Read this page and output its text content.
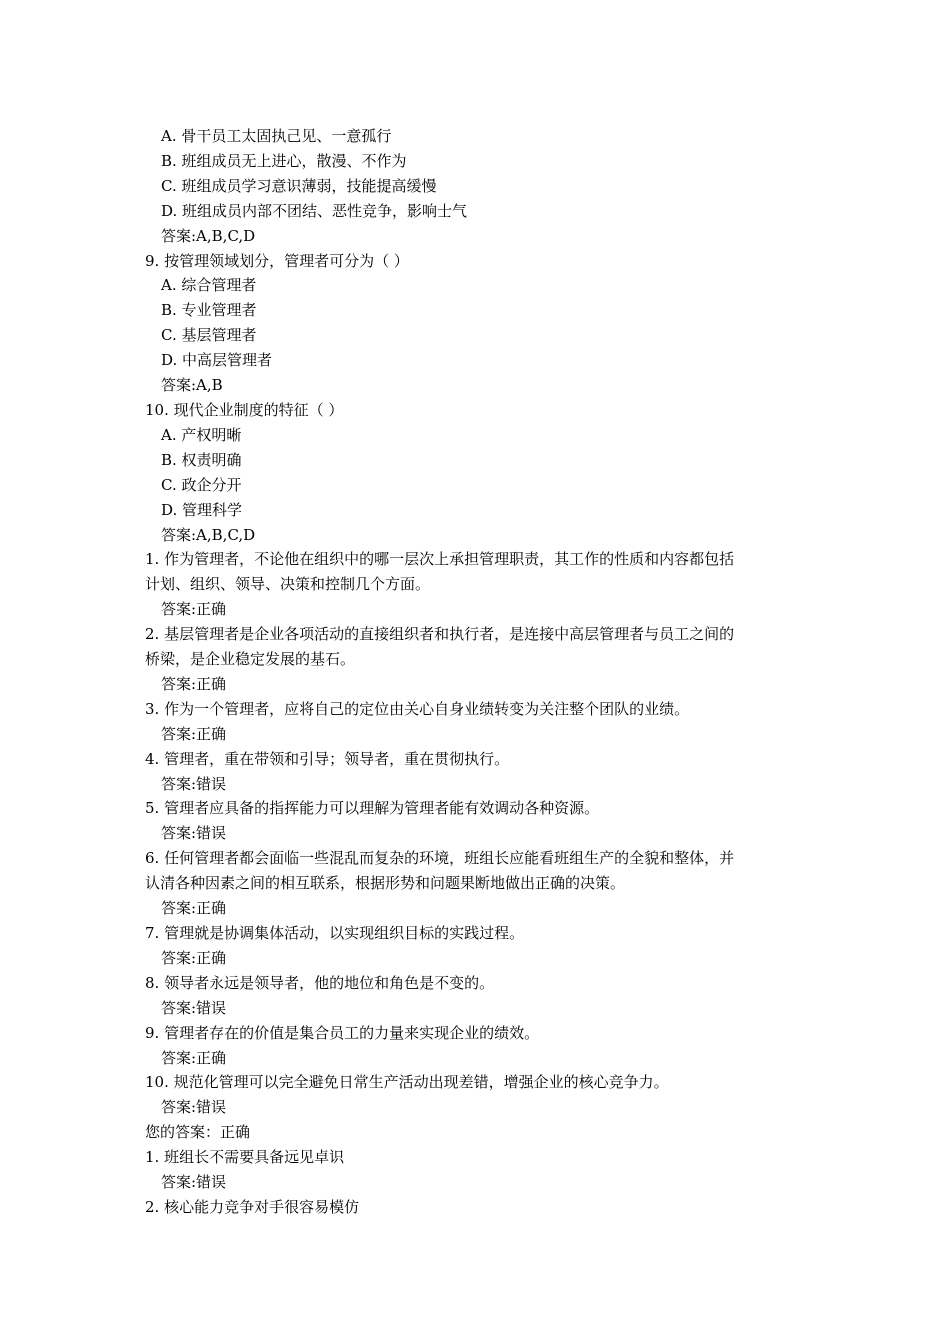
A. 骨干员工太固执己见、一意孤行
B. 班组成员无上进心，散漫、不作为
C. 班组成员学习意识薄弱，技能提高缓慢
D. 班组成员内部不团结、恶性竞争，影响士气
答案:A,B,C,D
9. 按管理领域划分，管理者可分为（ ）
A. 综合管理者
B. 专业管理者
C. 基层管理者
D. 中高层管理者
答案:A,B
10. 现代企业制度的特征（ ）
A. 产权明晰
B. 权责明确
C. 政企分开
D. 管理科学
答案:A,B,C,D
1. 作为管理者，不论他在组织中的哪一层次上承担管理职责，其工作的性质和内容都包括
计划、组织、领导、决策和控制几个方面。
答案:正确
2. 基层管理者是企业各项活动的直接组织者和执行者，是连接中高层管理者与员工之间的
桥梁，是企业稳定发展的基石。
答案:正确
3. 作为一个管理者，应将自己的定位由关心自身业绩转变为关注整个团队的业绩。
答案:正确
4. 管理者，重在带领和引导；领导者，重在贯彻执行。
答案:错误
5. 管理者应具备的指挥能力可以理解为管理者能有效调动各种资源。
答案:错误
6. 任何管理者都会面临一些混乱而复杂的环境，班组长应能看班组生产的全貌和整体，并
认清各种因素之间的相互联系，根据形势和问题果断地做出正确的决策。
答案:正确
7. 管理就是协调集体活动，以实现组织目标的实践过程。
答案:正确
8. 领导者永远是领导者，他的地位和角色是不变的。
答案:错误
9. 管理者存在的价值是集合员工的力量来实现企业的绩效。
答案:正确
10. 规范化管理可以完全避免日常生产活动出现差错，增强企业的核心竞争力。
答案:错误
您的答案：正确
1. 班组长不需要具备远见卓识
答案:错误
2. 核心能力竞争对手很容易模仿
